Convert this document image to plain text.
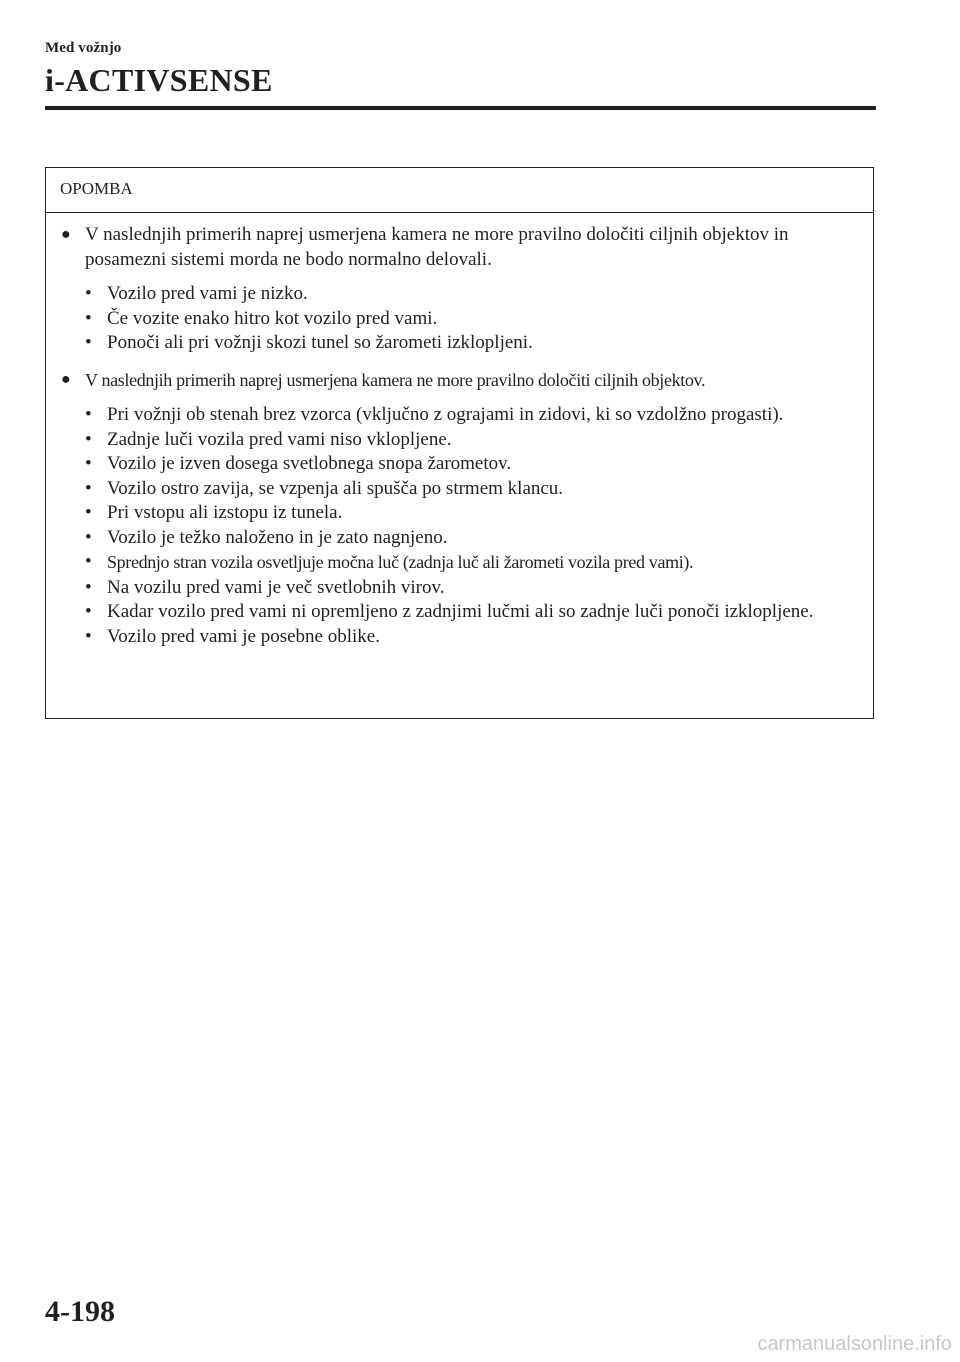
Med vožnjo
i-ACTIVSENSE
OPOMBA
● V naslednjih primerih naprej usmerjena kamera ne more pravilno določiti ciljnih objektov in posamezni sistemi morda ne bodo normalno delovali.
• Vozilo pred vami je nizko.
• Če vozite enako hitro kot vozilo pred vami.
• Ponoči ali pri vožnji skozi tunel so žarometi izklopljeni.
● V naslednjih primerih naprej usmerjena kamera ne more pravilno določiti ciljnih objektov.
• Pri vožnji ob stenah brez vzorca (vključno z ograjami in zidovi, ki so vzdolžno progasti).
• Zadnje luči vozila pred vami niso vklopljene.
• Vozilo je izven dosega svetlobnega snopa žarometov.
• Vozilo ostro zavija, se vzpenja ali spušča po strmem klancu.
• Pri vstopu ali izstopu iz tunela.
• Vozilo je težko naloženo in je zato nagnjeno.
• Sprednjo stran vozila osvetljuje močna luč (zadnja luč ali žarometi vozila pred vami).
• Na vozilu pred vami je več svetlobnih virov.
• Kadar vozilo pred vami ni opremljeno z zadnjimi lučmi ali so zadnje luči ponoči izklopljene.
• Vozilo pred vami je posebne oblike.
4-198
carmanualsonline.info
